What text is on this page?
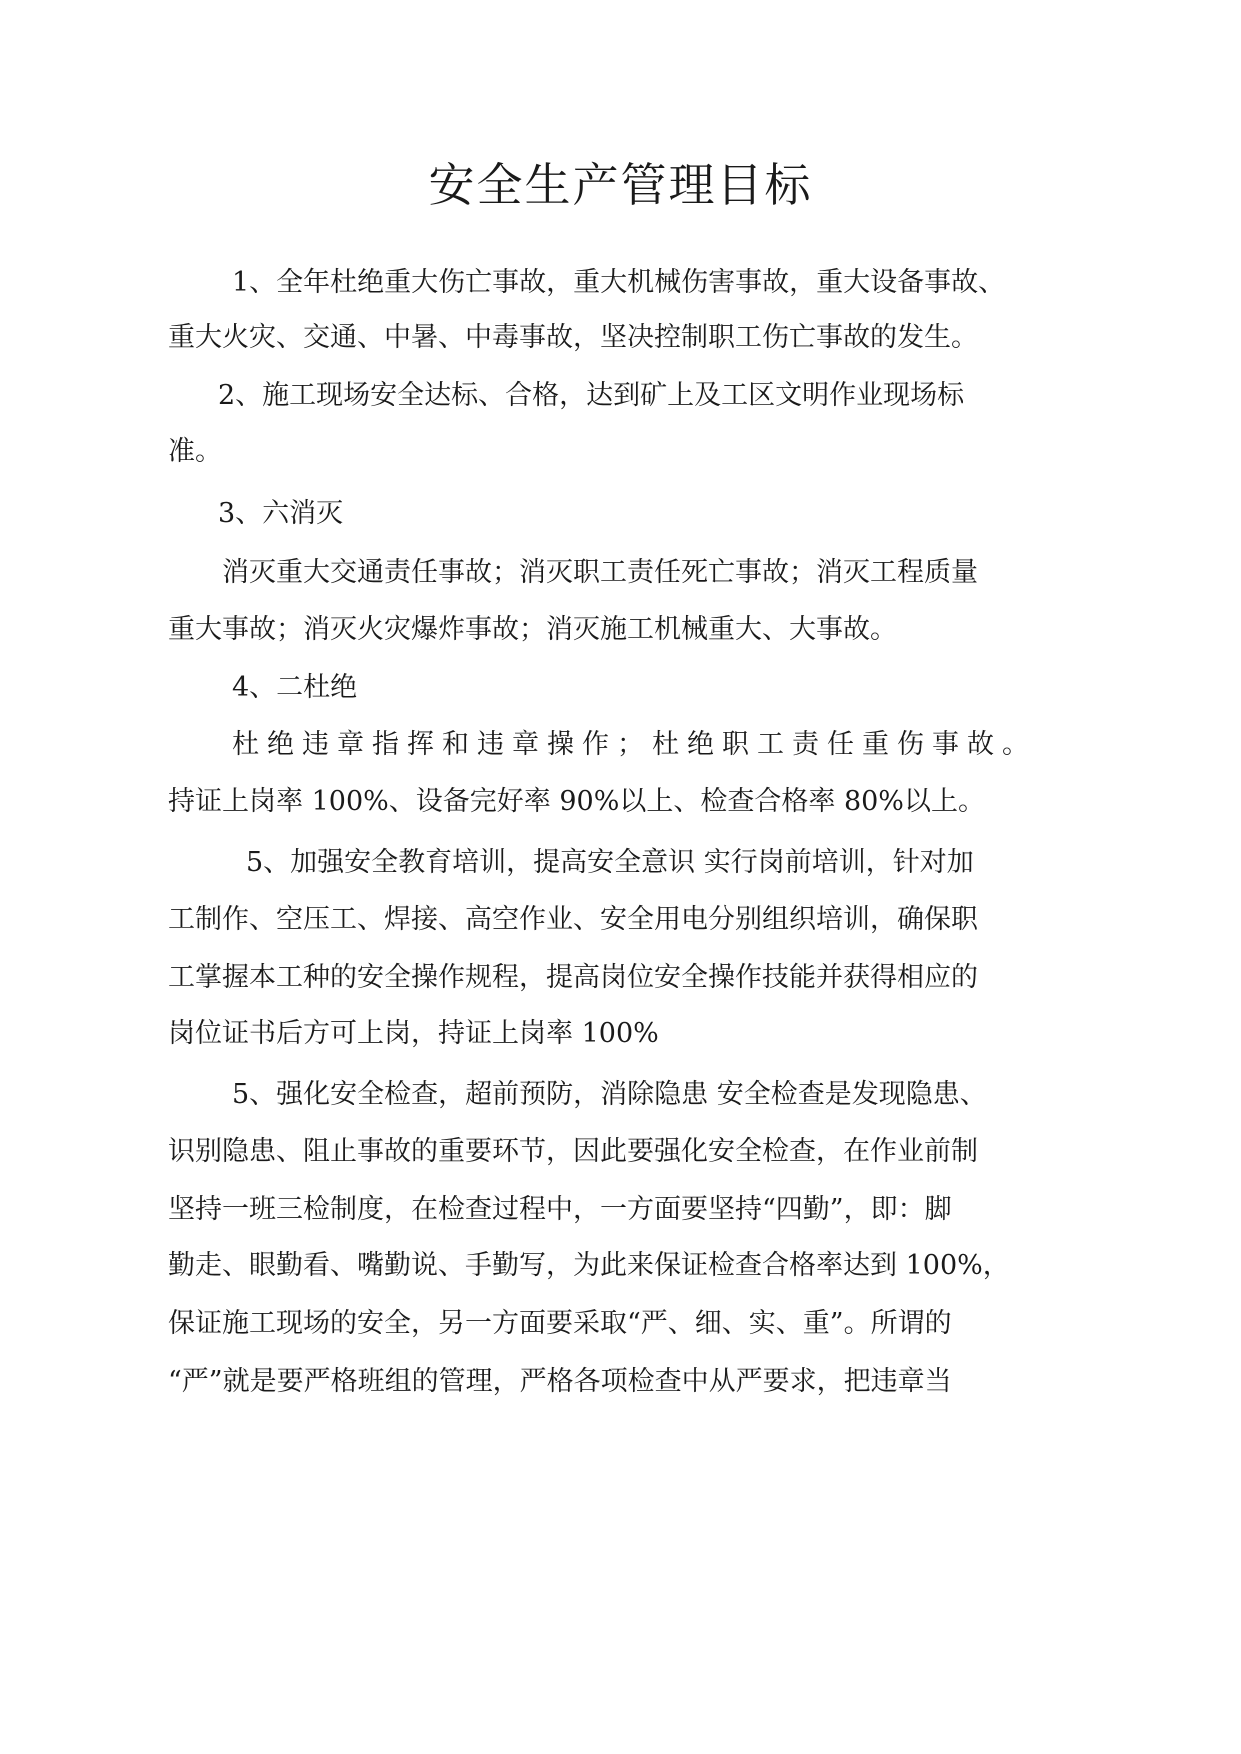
安全生产管理目标
1、全年杜绝重大伤亡事故，重大机械伤害事故，重大设备事故、
重大火灾、交通、中暑、中毒事故，坚决控制职工伤亡事故的发生。
2、施工现场安全达标、合格，达到矿上及工区文明作业现场标
准。
3、六消灭
消灭重大交通责任事故；消灭职工责任死亡事故；消灭工程质量
重大事故；消灭火灾爆炸事故；消灭施工机械重大、大事故。
4、二杜绝
杜绝违章指挥和违章操作；杜绝职工责任重伤事故。
持证上岗率 100%、设备完好率 90%以上、检查合格率 80%以上。
5、加强安全教育培训，提高安全意识 实行岗前培训，针对加
工制作、空压工、焊接、高空作业、安全用电分别组织培训，确保职
工掌握本工种的安全操作规程，提高岗位安全操作技能并获得相应的
岗位证书后方可上岗，持证上岗率 100%
5、强化安全检查，超前预防，消除隐患 安全检查是发现隐患、
识别隐患、阻止事故的重要环节，因此要强化安全检查，在作业前制
坚持一班三检制度，在检查过程中，一方面要坚持“四勤”，即：脚
勤走、眼勤看、嘴勤说、手勤写，为此来保证检查合格率达到 100%，
保证施工现场的安全，另一方面要采取“严、细、实、重”。所谓的
“严”就是要严格班组的管理，严格各项检查中从严要求，把违章当
